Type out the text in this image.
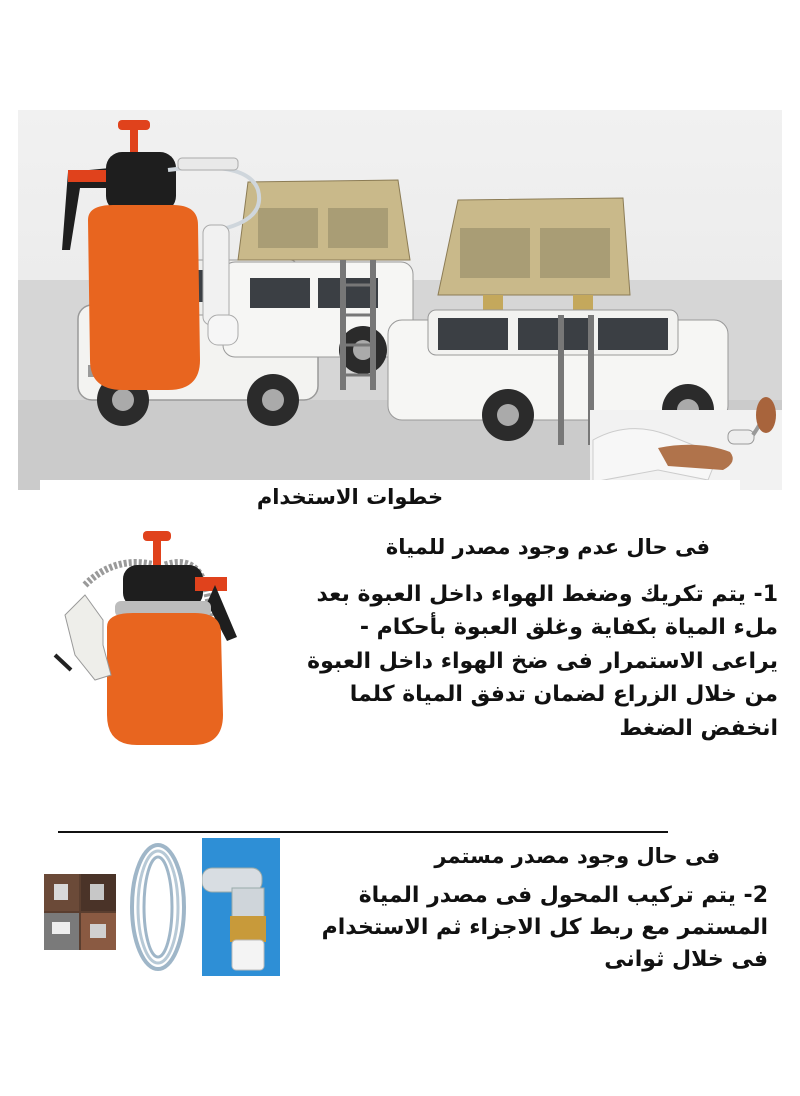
خطوات الاستخدام
فى حال عدم وجود مصدر للمياة
1- يتم تكريك وضغط الهواء داخل العبوة بعد ملء المياة بكفاية وغلق العبوة بأحكام - يراعى الاستمرار فى ضخ الهواء داخل العبوة من خلال الزراع لضمان تدفق المياة كلما انخفض الضغط
فى حال وجود مصدر مستمر
2- يتم تركيب المحول فى مصدر المياة المستمر مع ربط كل الاجزاء ثم الاستخدام فى خلال ثوانى
